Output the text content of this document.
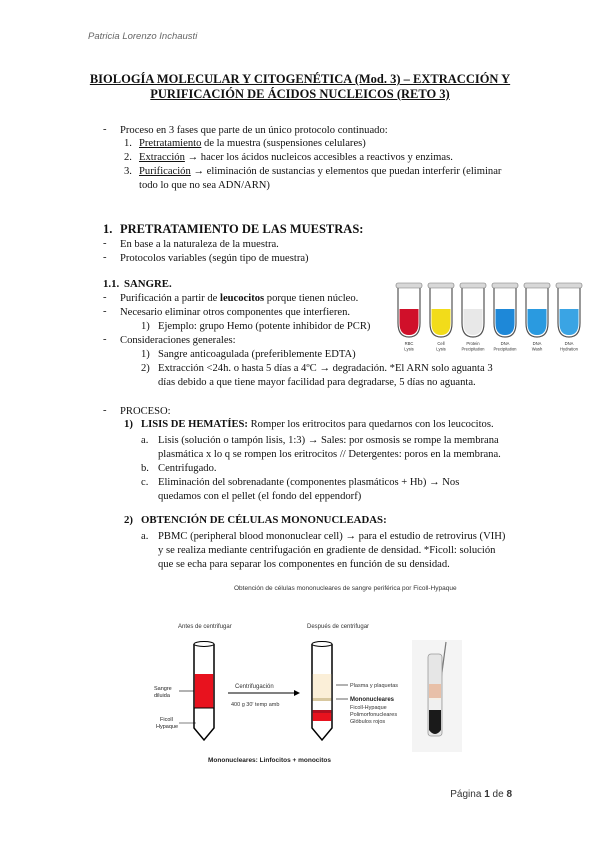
Patricia Lorenzo Inchausti
BIOLOGÍA MOLECULAR Y CITOGENÉTICA (Mod. 3) – EXTRACCIÓN Y
PURIFICACIÓN DE ÁCIDOS NUCLEICOS (RETO 3)
- Proceso en 3 fases que parte de un único protocolo continuado:
1. Pretratamiento de la muestra (suspensiones celulares)
2. Extracción → hacer los ácidos nucleicos accesibles a reactivos y enzimas.
3. Purificación → eliminación de sustancias y elementos que puedan interferir (eliminar
todo lo que no sea ADN/ARN)
1. PRETRATAMIENTO DE LAS MUESTRAS:
- En base a la naturaleza de la muestra.
- Protocolos variables (según tipo de muestra)
1.1. SANGRE.
- Purificación a partir de leucocitos porque tienen núcleo.
- Necesario eliminar otros componentes que interfieren.
1) Ejemplo: grupo Hemo (potente inhibidor de PCR)
- Consideraciones generales:
1) Sangre anticoagulada (preferiblemente EDTA)
2) Extracción <24h. o hasta 5 días a 4ºC → degradación. *El ARN solo aguanta 3
días debido a que tiene mayor facilidad para degradarse, 5 días no aguanta.
RBC
Lysis
Cell
Lysis
Protein
Precipitation
DNA
Precipitation
DNA
Wash
DNA
Hydration
- PROCESO:
1) LISIS DE HEMATÍES: Romper los eritrocitos para quedarnos con los leucocitos.
a. Lisis (solución o tampón lisis, 1:3) → Sales: por osmosis se rompe la membrana
plasmática x lo q se rompen los eritrocitos // Detergentes: poros en la membrana.
b. Centrifugado.
c. Eliminación del sobrenadante (componentes plasmáticos + Hb) → Nos
quedamos con el pellet (el fondo del eppendorf)
2) OBTENCIÓN DE CÉLULAS MONONUCLEADAS:
a. PBMC (peripheral blood mononuclear cell) → para el estudio de retrovirus (VIH)
y se realiza mediante centrifugación en gradiente de densidad. *Ficoll: solución
que se echa para separar los componentes en función de su densidad.
Obtención de células mononucleares de sangre periférica por Ficoll-Hypaque
Antes de centrifugar	Después de centrifugar
Sangre
diluida
Ficoll
Hypaque
Centrifugación
400 g 30' temp amb
Plasma y plaquetas
Mononucleares
Ficoll-Hypaque
Polimorfonucleares
Glóbulos rojos
Mononucleares: Linfocitos + monocitos
Página 1 de 8
